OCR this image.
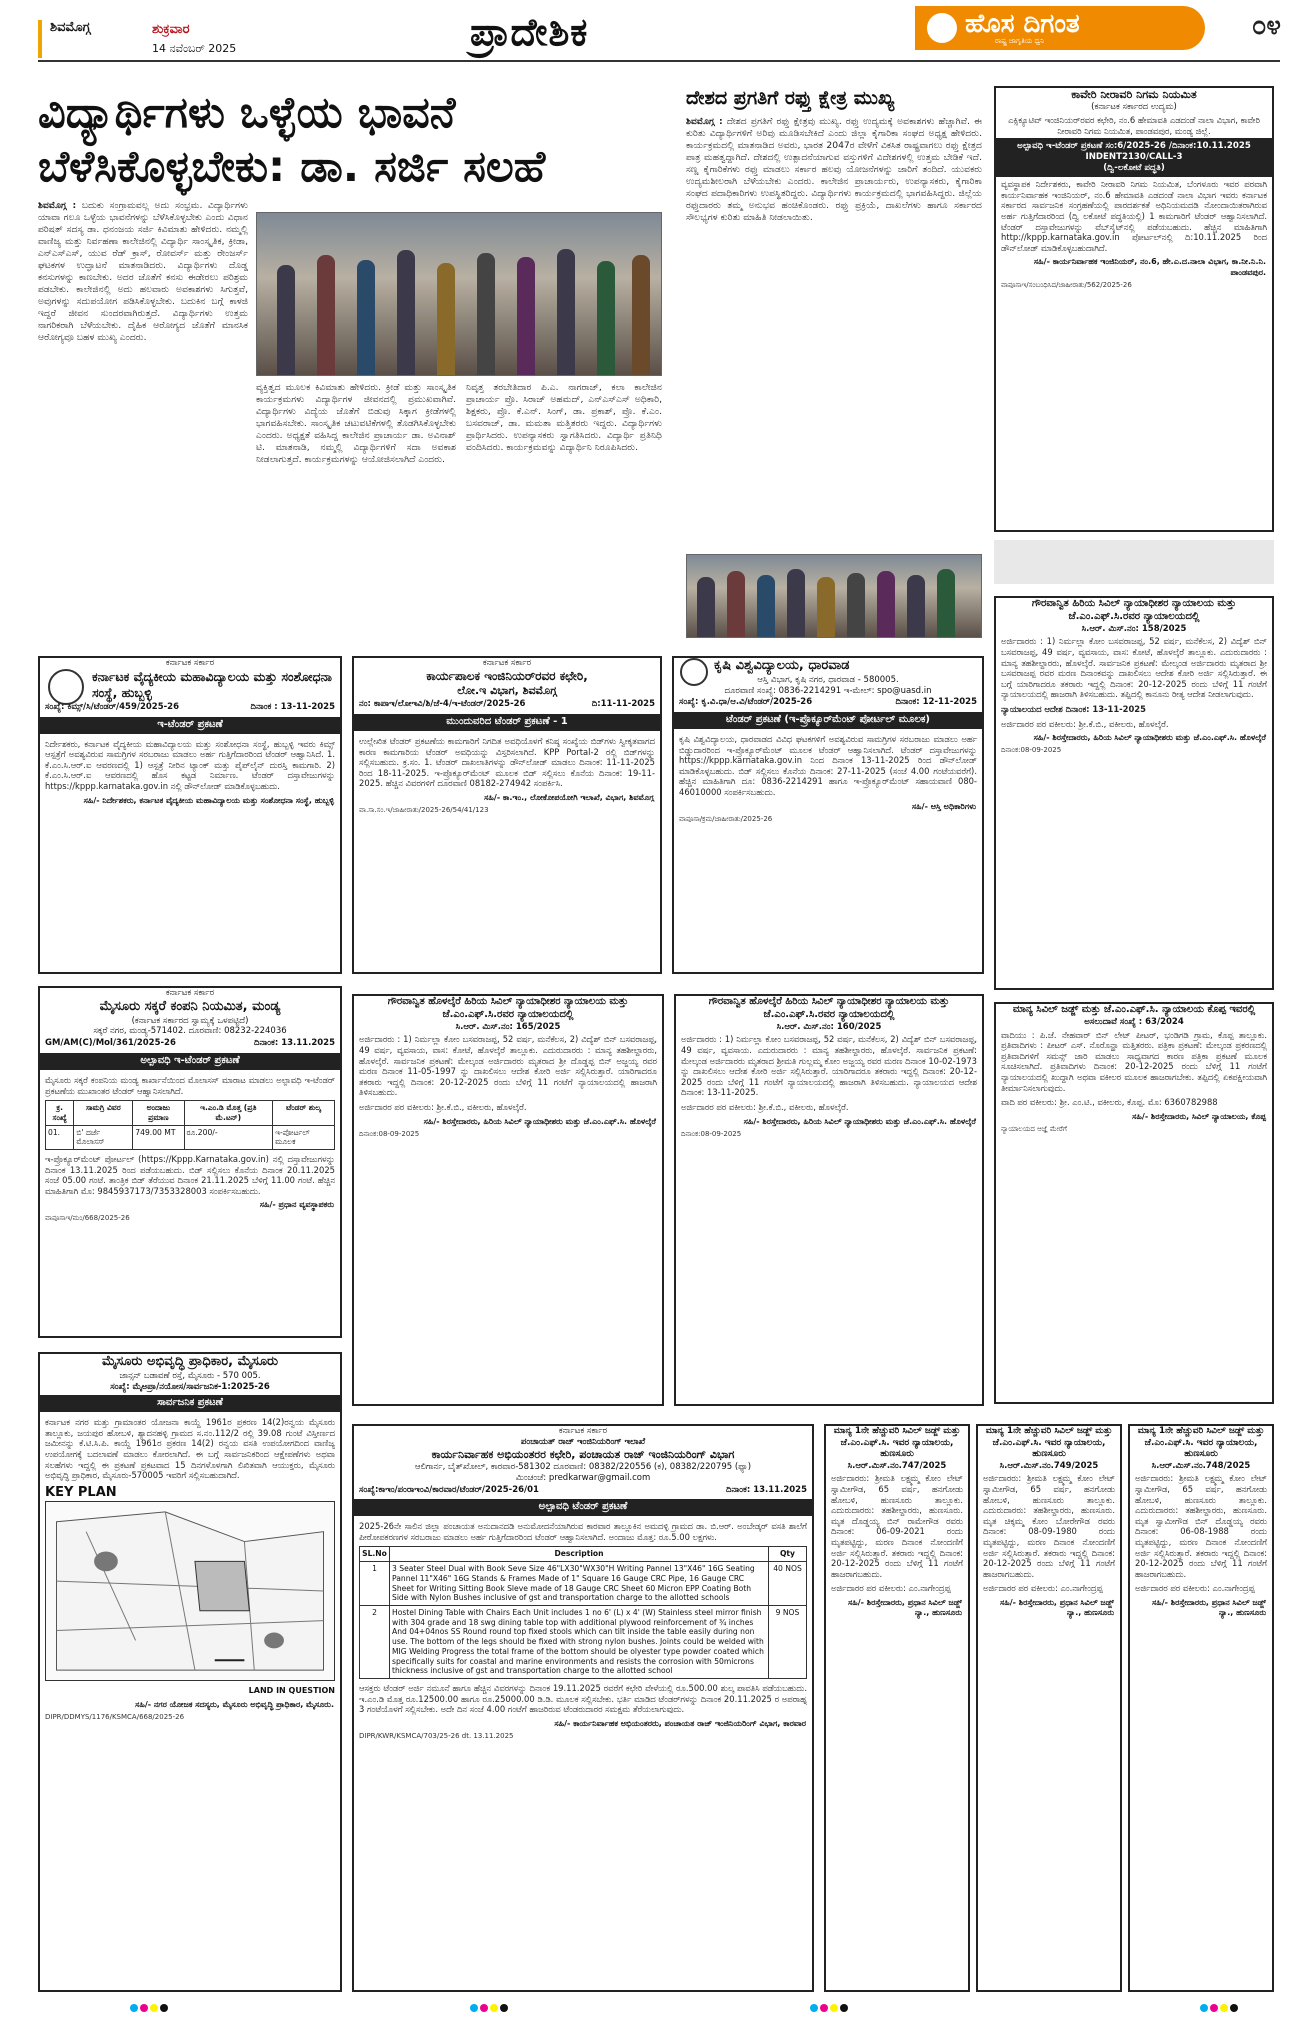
ಶಿವಮೊಗ್ಗ	ಶುಕ್ರವಾರ
14 ನವೆಂಬರ್ 2025	ಪ್ರಾದೇಶಿಕ	ಹೊಸ ದಿಗಂತ
ರಾಷ್ಟ್ರ ಜಾಗೃತಿಯ ಧ್ವನಿ	೦೪
ವಿದ್ಯಾರ್ಥಿಗಳು ಒಳ್ಳೆಯ ಭಾವನೆ
ಬೆಳೆಸಿಕೊಳ್ಳಬೇಕು: ಡಾ. ಸರ್ಜಿ ಸಲಹೆ
ಶಿವಮೊಗ್ಗ : ಬದುಕು ಸಂಗ್ರಾಮವಲ್ಲ ಅದು ಸಂಭ್ರಮ. ವಿದ್ಯಾರ್ಥಿಗಳು ಯಾವಾ ಗಲೂ ಒಳ್ಳೆಯ ಭಾವನೆಗಳನ್ನು ಬೆಳೆಸಿಕೊಳ್ಳಬೇಕು ಎಂದು ವಿಧಾನ ಪರಿಷತ್ ಸದಸ್ಯ ಡಾ. ಧನಂಜಯ ಸರ್ಜಿ ಕಿವಿಮಾತು ಹೇಳಿದರು. ನಮ್ಮಲ್ಲಿ ವಾಣಿಜ್ಯ ಮತ್ತು ನಿರ್ವಹಣಾ ಕಾಲೇಜಿನಲ್ಲಿ ವಿದ್ಯಾರ್ಥಿ ಸಾಂಸ್ಕೃತಿಕ, ಕ್ರೀಡಾ, ಎನ್ಎಸ್ಎಸ್, ಯುವ ರೆಡ್ ಕ್ರಾಸ್, ರೋವರ್ಸ್ ಮತ್ತು ರೇಂಜರ್ಸ್ ಘಟಕಗಳ ಉದ್ಘಾಟನೆ ಮಾತನಾಡಿದರು. ವಿದ್ಯಾರ್ಥಿಗಳು ದೊಡ್ಡ ಕನಸುಗಳನ್ನು ಕಾಣಬೇಕು. ಅದರ ಜೊತೆಗೆ ಕನಸು ಈಡೇರಲು ಪರಿಶ್ರಮ ಪಡಬೇಕು. ಕಾಲೇಜಿನಲ್ಲಿ ಅದು ಹಲವಾರು ಅವಕಾಶಗಳು ಸಿಗುತ್ತವೆ, ಅವುಗಳನ್ನು ಸದುಪಯೋಗ ಪಡಿಸಿಕೊಳ್ಳಬೇಕು. ಬದುಕಿನ ಬಗ್ಗೆ ಕಾಳಜಿ ಇದ್ದರೆ ಜೀವನ ಸುಂದರವಾಗಿರುತ್ತದೆ. ವಿದ್ಯಾರ್ಥಿಗಳು ಉತ್ತಮ ನಾಗರಿಕರಾಗಿ ಬೆಳೆಯಬೇಕು. ದೈಹಿಕ ಆರೋಗ್ಯದ ಜೊತೆಗೆ ಮಾನಸಿಕ ಆರೋಗ್ಯವೂ ಬಹಳ ಮುಖ್ಯ ಎಂದರು.
ವ್ಯಕ್ತಿತ್ವದ ಮೂಲಕ ಕಿವಿಮಾತು ಹೇಳಿದರು. ಕ್ರೀಡೆ ಮತ್ತು ಸಾಂಸ್ಕೃತಿಕ ಕಾರ್ಯಕ್ರಮಗಳು ವಿದ್ಯಾರ್ಥಿಗಳ ಜೀವನದಲ್ಲಿ ಪ್ರಮುಖವಾಗಿವೆ. ವಿದ್ಯಾರ್ಥಿಗಳು ವಿದ್ಯೆಯ ಜೊತೆಗೆ ಬಿಡುವು ಸಿಕ್ಕಾಗ ಕ್ರೀಡೆಗಳಲ್ಲಿ ಭಾಗವಹಿಸಬೇಕು. ಸಾಂಸ್ಕೃತಿಕ ಚಟುವಟಿಕೆಗಳಲ್ಲಿ ತೊಡಗಿಸಿಕೊಳ್ಳಬೇಕು ಎಂದರು. ಅಧ್ಯಕ್ಷತೆ ವಹಿಸಿದ್ದ ಕಾಲೇಜಿನ ಪ್ರಾಚಾರ್ಯ ಡಾ. ಅವಿನಾಶ್ ಟಿ. ಮಾತನಾಡಿ, ನಮ್ಮಲ್ಲಿ ವಿದ್ಯಾರ್ಥಿಗಳಿಗೆ ಸದಾ ಅವಕಾಶ ನೀಡಲಾಗುತ್ತದೆ. ಕಾರ್ಯಕ್ರಮಗಳನ್ನು ಆಯೋಜಿಸಲಾಗಿದೆ ಎಂದರು.
ನಿವೃತ್ತ ತರಬೇತಿದಾರ ಪಿ.ಎ. ನಾಗರಾಜ್, ಕಲಾ ಕಾಲೇಜಿನ ಪ್ರಾಚಾರ್ಯ ಪ್ರೊ. ಸಿರಾಜ್ ಅಹಮದ್, ಎನ್ಎಸ್ಎಸ್ ಅಧಿಕಾರಿ, ಶಿಕ್ಷಕರು, ಪ್ರೊ. ಕೆ.ಎನ್. ಸಿಂಗ್, ಡಾ. ಪ್ರಕಾಶ್, ಪ್ರೊ. ಕೆ.ಎಂ. ಬಸವರಾಜ್, ಡಾ. ಮಮತಾ ಮತ್ತಿತರರು ಇದ್ದರು. ವಿದ್ಯಾರ್ಥಿಗಳು ಪ್ರಾರ್ಥಿಸಿದರು. ಉಪನ್ಯಾಸಕರು ಸ್ವಾಗತಿಸಿದರು. ವಿದ್ಯಾರ್ಥಿ ಪ್ರತಿನಿಧಿ ವಂದಿಸಿದರು. ಕಾರ್ಯಕ್ರಮವನ್ನು ವಿದ್ಯಾರ್ಥಿನಿ ನಿರೂಪಿಸಿದರು.
ದೇಶದ ಪ್ರಗತಿಗೆ ರಫ್ತು ಕ್ಷೇತ್ರ ಮುಖ್ಯ
ಶಿವಮೊಗ್ಗ : ದೇಶದ ಪ್ರಗತಿಗೆ ರಫ್ತು ಕ್ಷೇತ್ರವು ಮುಖ್ಯ. ರಫ್ತು ಉದ್ಯಮಕ್ಕೆ ಅವಕಾಶಗಳು ಹೆಚ್ಚಾಗಿವೆ. ಈ ಕುರಿತು ವಿದ್ಯಾರ್ಥಿಗಳಿಗೆ ಅರಿವು ಮೂಡಿಸಬೇಕಿದೆ ಎಂದು ಜಿಲ್ಲಾ ಕೈಗಾರಿಕಾ ಸಂಘದ ಅಧ್ಯಕ್ಷ ಹೇಳಿದರು. ಕಾರ್ಯಕ್ರಮದಲ್ಲಿ ಮಾತನಾಡಿದ ಅವರು, ಭಾರತ 2047ರ ವೇಳೆಗೆ ವಿಕಸಿತ ರಾಷ್ಟ್ರವಾಗಲು ರಫ್ತು ಕ್ಷೇತ್ರದ ಪಾತ್ರ ಮಹತ್ವದ್ದಾಗಿದೆ. ದೇಶದಲ್ಲಿ ಉತ್ಪಾದನೆಯಾಗುವ ವಸ್ತುಗಳಿಗೆ ವಿದೇಶಗಳಲ್ಲಿ ಉತ್ತಮ ಬೇಡಿಕೆ ಇದೆ. ಸಣ್ಣ ಕೈಗಾರಿಕೆಗಳು ರಫ್ತು ಮಾಡಲು ಸರ್ಕಾರ ಹಲವು ಯೋಜನೆಗಳನ್ನು ಜಾರಿಗೆ ತಂದಿದೆ. ಯುವಕರು ಉದ್ಯಮಶೀಲರಾಗಿ ಬೆಳೆಯಬೇಕು ಎಂದರು. ಕಾಲೇಜಿನ ಪ್ರಾಚಾರ್ಯರು, ಉಪನ್ಯಾಸಕರು, ಕೈಗಾರಿಕಾ ಸಂಘದ ಪದಾಧಿಕಾರಿಗಳು ಉಪಸ್ಥಿತರಿದ್ದರು. ವಿದ್ಯಾರ್ಥಿಗಳು ಕಾರ್ಯಕ್ರಮದಲ್ಲಿ ಭಾಗವಹಿಸಿದ್ದರು. ಜಿಲ್ಲೆಯ ರಫ್ತುದಾರರು ತಮ್ಮ ಅನುಭವ ಹಂಚಿಕೊಂಡರು. ರಫ್ತು ಪ್ರಕ್ರಿಯೆ, ದಾಖಲೆಗಳು ಹಾಗೂ ಸರ್ಕಾರದ ಸೌಲಭ್ಯಗಳ ಕುರಿತು ಮಾಹಿತಿ ನೀಡಲಾಯಿತು.
ಕಾವೇರಿ ನೀರಾವರಿ ನಿಗಮ ನಿಯಮಿತ
(ಕರ್ನಾಟಕ ಸರ್ಕಾರದ ಉದ್ಯಮ)
ಎಕ್ಸಿಕ್ಯೂಟಿವ್ ಇಂಜಿನಿಯರ್‌ರವರ ಕಛೇರಿ, ನಂ.6 ಹೇಮಾವತಿ ಎಡದಂಡೆ ನಾಲಾ ವಿಭಾಗ, ಕಾವೇರಿ ನೀರಾವರಿ ನಿಗಮ ನಿಯಮಿತ, ಪಾಂಡವಪುರ, ಮಂಡ್ಯ ಜಿಲ್ಲೆ.
ಅಲ್ಪಾವಧಿ ಇ-ಟೆಂಡರ್ ಪ್ರಕಟಣೆ ಸಂ:6/2025-26 /ದಿನಾಂಕ:10.11.2025
INDENT2130/CALL-3
(ದ್ವಿ-ಲಕೋಟೆ ಪದ್ಧತಿ)
ವ್ಯವಸ್ಥಾಪಕ ನಿರ್ದೇಶಕರು, ಕಾವೇರಿ ನೀರಾವರಿ ನಿಗಮ ನಿಯಮಿತ, ಬೆಂಗಳೂರು ಇವರ ಪರವಾಗಿ ಕಾರ್ಯನಿರ್ವಾಹಕ ಇಂಜಿನಿಯರ್, ನಂ.6 ಹೇಮಾವತಿ ಎಡದಂಡೆ ನಾಲಾ ವಿಭಾಗ ಇವರು ಕರ್ನಾಟಕ ಸರ್ಕಾರದ ಸಾರ್ವಜನಿಕ ಸಂಗ್ರಹಣೆಯಲ್ಲಿ ಪಾರದರ್ಶಕತೆ ಅಧಿನಿಯಮದಡಿ ನೋಂದಾಯಿತರಾಗಿರುವ ಅರ್ಹ ಗುತ್ತಿಗೆದಾರರಿಂದ (ದ್ವಿ ಲಕೋಟೆ ಪದ್ಧತಿಯಲ್ಲಿ) 1 ಕಾಮಗಾರಿಗೆ ಟೆಂಡರ್ ಆಹ್ವಾನಿಸಲಾಗಿದೆ. ಟೆಂಡರ್ ದಸ್ತಾವೇಜುಗಳನ್ನು ವೆಬ್‌ಸೈಟ್‌ನಲ್ಲಿ ಪಡೆಯಬಹುದು. ಹೆಚ್ಚಿನ ಮಾಹಿತಿಗಾಗಿ http://kppp.karnataka.gov.in ಪೋರ್ಟಲ್‌ನಲ್ಲಿ ದಿ:10.11.2025 ರಿಂದ ಡೌನ್‌ಲೋಡ್ ಮಾಡಿಕೊಳ್ಳಬಹುದಾಗಿದೆ.
ಸಹಿ/- ಕಾರ್ಯನಿರ್ವಾಹಕ ಇಂಜಿನಿಯರ್, ನಂ.6, ಹೇ.ಎ.ದ.ನಾಲಾ ವಿಭಾಗ, ಕಾ.ನೀ.ನಿ.ನಿ. ಪಾಂಡವಪುರ.
ವಾಪೂಸಾಇ/ಸಂಬಂಧಿಸಿದ/ಜಾಹೀರಾತು/562/2025-26
ಕರ್ನಾಟಕ ಸರ್ಕಾರ
ಕರ್ನಾಟಕ ವೈದ್ಯಕೀಯ ಮಹಾವಿದ್ಯಾಲಯ ಮತ್ತು ಸಂಶೋಧನಾ ಸಂಸ್ಥೆ, ಹುಬ್ಬಳ್ಳಿ
ಸಂಖ್ಯೆ: ಕಿಮ್ಸ್/ಸಿ/ಟೆಂಡರ್/459/2025-26	ದಿನಾಂಕ : 13-11-2025
ಇ-ಟೆಂಡರ್ ಪ್ರಕಟಣೆ
ನಿರ್ದೇಶಕರು, ಕರ್ನಾಟಕ ವೈದ್ಯಕೀಯ ಮಹಾವಿದ್ಯಾಲಯ ಮತ್ತು ಸಂಶೋಧನಾ ಸಂಸ್ಥೆ, ಹುಬ್ಬಳ್ಳಿ ಇವರು ಕಿಮ್ಸ್ ಆಸ್ಪತ್ರೆಗೆ ಅವಶ್ಯವಿರುವ ಸಾಮಗ್ರಿಗಳ ಸರಬರಾಜು ಮಾಡಲು ಅರ್ಹ ಗುತ್ತಿಗೆದಾರರಿಂದ ಟೆಂಡರ್ ಆಹ್ವಾನಿಸಿದೆ. 1. ಕೆ.ಎಂ.ಸಿ.ಆರ್.ಐ ಆವರಣದಲ್ಲಿ 1) ಆಸ್ಪತ್ರೆ ನೀರಿನ ಟ್ಯಾಂಕ್ ಮತ್ತು ಪೈಪ್‌ಲೈನ್ ದುರಸ್ತಿ ಕಾಮಗಾರಿ. 2) ಕೆ.ಎಂ.ಸಿ.ಆರ್.ಐ ಆವರಣದಲ್ಲಿ ಹೊಸ ಕಟ್ಟಡ ನಿರ್ಮಾಣ. ಟೆಂಡರ್ ದಸ್ತಾವೇಜುಗಳನ್ನು https://kppp.karnataka.gov.in ನಲ್ಲಿ ಡೌನ್‌ಲೋಡ್ ಮಾಡಿಕೊಳ್ಳಬಹುದು.
ಸಹಿ/- ನಿರ್ದೇಶಕರು, ಕರ್ನಾಟಕ ವೈದ್ಯಕೀಯ ಮಹಾವಿದ್ಯಾಲಯ ಮತ್ತು ಸಂಶೋಧನಾ ಸಂಸ್ಥೆ, ಹುಬ್ಬಳ್ಳಿ
ಕರ್ನಾಟಕ ಸರ್ಕಾರ
ಕಾರ್ಯಪಾಲಕ ಇಂಜಿನಿಯರ್‌ರವರ ಕಛೇರಿ,
ಲೋ.ಇ ವಿಭಾಗ, ಶಿವಮೊಗ್ಗ
ನಂ: ಕಾಪಾಇ/ಲೋಇವಿ/ಶಿ/ಜೆ-4/ಇ-ಟೆಂಡರ್/2025-26	ದಿ:11-11-2025
ಮುಂದುವರಿದ ಟೆಂಡರ್ ಪ್ರಕಟಣೆ - 1
ಉಲ್ಲೇಖಿತ ಟೆಂಡರ್ ಪ್ರಕಟಣೆಯ ಕಾಮಗಾರಿಗೆ ನಿಗದಿತ ಅವಧಿಯೊಳಗೆ ಕನಿಷ್ಠ ಸಂಖ್ಯೆಯ ಬಿಡ್‌ಗಳು ಸ್ವೀಕೃತವಾಗದ ಕಾರಣ ಕಾಮಗಾರಿಯ ಟೆಂಡರ್ ಅವಧಿಯನ್ನು ವಿಸ್ತರಿಸಲಾಗಿದೆ. KPP Portal-2 ರಲ್ಲಿ ಬಿಡ್‌ಗಳನ್ನು ಸಲ್ಲಿಸಬಹುದು. ಕ್ರ.ಸಂ. 1. ಟೆಂಡರ್ ದಾಖಲಾತಿಗಳನ್ನು ಡೌನ್‌ಲೋಡ್ ಮಾಡಲು ದಿನಾಂಕ: 11-11-2025 ರಿಂದ 18-11-2025. ಇ-ಪ್ರೊಕ್ಯೂರ್‌ಮೆಂಟ್ ಮೂಲಕ ಬಿಡ್ ಸಲ್ಲಿಸಲು ಕೊನೆಯ ದಿನಾಂಕ: 19-11-2025. ಹೆಚ್ಚಿನ ವಿವರಗಳಿಗೆ ದೂರವಾಣಿ 08182-274942 ಸಂಪರ್ಕಿಸಿ.
ಸಹಿ/- ಕಾ.ಇಂ., ಲೋಕೋಪಯೋಗಿ ಇಲಾಖೆ, ವಿಭಾಗ, ಶಿವಮೊಗ್ಗ
ವಾ.ಸಾ.ಸಂ.ಇ/ಜಾಹೀರಾತು/2025-26/54/41/123
ಕೃಷಿ ವಿಶ್ವವಿದ್ಯಾಲಯ, ಧಾರವಾಡ
ಆಸ್ತಿ ವಿಭಾಗ, ಕೃಷಿ ನಗರ, ಧಾರವಾಡ - 580005.
ದೂರವಾಣಿ ಸಂಖ್ಯೆ: 0836-2214291 ಇ-ಮೇಲ್: spo@uasd.in
ಸಂಖ್ಯೆ: ಕೃ.ವಿ.ಧಾ/ಆ.ವಿ/ಟೆಂಡರ್/2025-26	ದಿನಾಂಕ: 12-11-2025
ಟೆಂಡರ್ ಪ್ರಕಟಣೆ (ಇ-ಪ್ರೊಕ್ಯೂರ್‌ಮೆಂಟ್ ಪೋರ್ಟಲ್ ಮೂಲಕ)
ಕೃಷಿ ವಿಶ್ವವಿದ್ಯಾಲಯ, ಧಾರವಾಡದ ವಿವಿಧ ಘಟಕಗಳಿಗೆ ಅವಶ್ಯವಿರುವ ಸಾಮಗ್ರಿಗಳ ಸರಬರಾಜು ಮಾಡಲು ಅರ್ಹ ಬಿಡ್ಡುದಾರರಿಂದ ಇ-ಪ್ರೊಕ್ಯೂರ್‌ಮೆಂಟ್ ಮೂಲಕ ಟೆಂಡರ್ ಆಹ್ವಾನಿಸಲಾಗಿದೆ. ಟೆಂಡರ್ ದಸ್ತಾವೇಜುಗಳನ್ನು https://kppp.karnataka.gov.in ನಿಂದ ದಿನಾಂಕ 13-11-2025 ರಿಂದ ಡೌನ್‌ಲೋಡ್ ಮಾಡಿಕೊಳ್ಳಬಹುದು. ಬಿಡ್ ಸಲ್ಲಿಸಲು ಕೊನೆಯ ದಿನಾಂಕ: 27-11-2025 (ಸಂಜೆ 4.00 ಗಂಟೆಯವರೆಗೆ). ಹೆಚ್ಚಿನ ಮಾಹಿತಿಗಾಗಿ ದೂ: 0836-2214291 ಹಾಗೂ ಇ-ಪ್ರೊಕ್ಯೂರ್‌ಮೆಂಟ್ ಸಹಾಯವಾಣಿ 080-46010000 ಸಂಪರ್ಕಿಸಬಹುದು.
ಸಹಿ/- ಆಸ್ತಿ ಅಧಿಕಾರಿಗಳು
ವಾಪೂಸಾ/ಕ್ರಮ/ಜಾಹೀರಾತು/2025-26
ಗೌರವಾನ್ವಿತ ಹಿರಿಯ ಸಿವಿಲ್ ನ್ಯಾಯಾಧೀಶರ ನ್ಯಾಯಾಲಯ ಮತ್ತು ಜೆ.ಎಂ.ಎಫ್.ಸಿ.ರವರ ನ್ಯಾಯಾಲಯದಲ್ಲಿ
ಸಿ.ಆರ್. ಮಿಸ್.ನಂ: 158/2025
ಅರ್ಜಿದಾರರು : 1) ನಿರ್ಮಲ್ಲಾ ಕೋಂ ಬಸವರಾಜಪ್ಪ, 52 ವರ್ಷ, ಮನೆಕೆಲಸ, 2) ವಿದ್ಯೆಶ್ ಬಿನ್ ಬಸವರಾಜಪ್ಪ, 49 ವರ್ಷ, ವ್ಯವಸಾಯ, ವಾಸ: ಕೋಟೆ, ಹೊಳಲ್ಕೆರೆ ತಾಲ್ಲೂಕು. ಎದುರುದಾರರು : ಮಾನ್ಯ ತಹಶೀಲ್ದಾರರು, ಹೊಳಲ್ಕೆರೆ. ಸಾರ್ವಜನಿಕ ಪ್ರಕಟಣೆ: ಮೇಲ್ಕಂಡ ಅರ್ಜಿದಾರರು ಮೃತರಾದ ಶ್ರೀ ಬಸವರಾಜಪ್ಪ ರವರ ಮರಣ ದಿನಾಂಕವನ್ನು ದಾಖಲಿಸಲು ಆದೇಶ ಕೋರಿ ಅರ್ಜಿ ಸಲ್ಲಿಸಿರುತ್ತಾರೆ. ಈ ಬಗ್ಗೆ ಯಾರಿಗಾದರೂ ತಕರಾರು ಇದ್ದಲ್ಲಿ ದಿನಾಂಕ: 20-12-2025 ರಂದು ಬೆಳಿಗ್ಗೆ 11 ಗಂಟೆಗೆ ನ್ಯಾಯಾಲಯದಲ್ಲಿ ಹಾಜರಾಗಿ ತಿಳಿಸಬಹುದು. ತಪ್ಪಿದಲ್ಲಿ ಕಾನೂನು ರೀತ್ಯ ಆದೇಶ ನೀಡಲಾಗುವುದು.
ನ್ಯಾಯಾಲಯದ ಆದೇಶ ದಿನಾಂಕ: 13-11-2025
ಅರ್ಜಿದಾರರ ಪರ ವಕೀಲರು: ಶ್ರೀ.ಕೆ.ಬಿ., ವಕೀಲರು, ಹೊಳಲ್ಕೆರೆ.
ಸಹಿ/- ಶಿರಸ್ತೇದಾರರು, ಹಿರಿಯ ಸಿವಿಲ್ ನ್ಯಾಯಾಧೀಶರು ಮತ್ತು ಜೆ.ಎಂ.ಎಫ್.ಸಿ. ಹೊಳಲ್ಕೆರೆ
ದಿನಾಂಕ:08-09-2025
ಕರ್ನಾಟಕ ಸರ್ಕಾರ
ಮೈಸೂರು ಸಕ್ಕರೆ ಕಂಪನಿ ನಿಯಮಿತ, ಮಂಡ್ಯ
(ಕರ್ನಾಟಕ ಸರ್ಕಾರದ ಸ್ವಾಮ್ಯಕ್ಕೆ ಒಳಪಟ್ಟಿದೆ)
ಸಕ್ಕರೆ ನಗರ, ಮಂಡ್ಯ-571402. ದೂರವಾಣಿ: 08232-224036
GM/AM(C)/Mol/361/2025-26	ದಿನಾಂಕ: 13.11.2025
ಅಲ್ಪಾವಧಿ ಇ-ಟೆಂಡರ್ ಪ್ರಕಟಣೆ
ಮೈಸೂರು ಸಕ್ಕರೆ ಕಂಪನಿಯ ಮಂಡ್ಯ ಕಾರ್ಖಾನೆಯಿಂದ ಮೊಲಾಸಸ್ ಮಾರಾಟ ಮಾಡಲು ಅಲ್ಪಾವಧಿ ಇ-ಟೆಂಡರ್ ಪ್ರಕಟಣೆಯ ಮುಖಾಂತರ ಟೆಂಡರ್ ಆಹ್ವಾನಿಸಲಾಗಿದೆ.
ಕ್ರ. ಸಂಖ್ಯೆ	ಸಾಮಗ್ರಿ ವಿವರ	ಅಂದಾಜು ಪ್ರಮಾಣ	ಇ.ಎಂ.ಡಿ ಮೊತ್ತ (ಪ್ರತಿ ಮೆ.ಟನ್)	ಟೆಂಡರ್ ಶುಲ್ಕ
01.	ಬಿ' ದರ್ಜೆ ಮೊಲಾಸಸ್	749.00 MT	ರೂ.200/-	ಇ-ಪೋರ್ಟಲ್ ಮೂಲಕ
ಇ-ಪ್ರೊಕ್ಯೂರ್‌ಮೆಂಟ್ ಪೋರ್ಟಲ್ (https://Kppp.Karnataka.gov.in) ನಲ್ಲಿ ದಸ್ತಾವೇಜುಗಳನ್ನು ದಿನಾಂಕ 13.11.2025 ರಿಂದ ಪಡೆಯಬಹುದು. ಬಿಡ್ ಸಲ್ಲಿಸಲು ಕೊನೆಯ ದಿನಾಂಕ 20.11.2025 ಸಂಜೆ 05.00 ಗಂಟೆ. ತಾಂತ್ರಿಕ ಬಿಡ್ ತೆರೆಯುವ ದಿನಾಂಕ 21.11.2025 ಬೆಳಿಗ್ಗೆ 11.00 ಗಂಟೆ. ಹೆಚ್ಚಿನ ಮಾಹಿತಿಗಾಗಿ ಮೊ: 9845937173/7353328003 ಸಂಪರ್ಕಿಸಬಹುದು.
ಸಹಿ/- ಪ್ರಧಾನ ವ್ಯವಸ್ಥಾಪಕರು
ವಾಪೂಸಾಇ/ಮಂ/668/2025-26
ಗೌರವಾನ್ವಿತ ಹೊಳಲ್ಕೆರೆ ಹಿರಿಯ ಸಿವಿಲ್ ನ್ಯಾಯಾಧೀಶರ ನ್ಯಾಯಾಲಯ ಮತ್ತು ಜೆ.ಎಂ.ಎಫ್.ಸಿ.ರವರ ನ್ಯಾಯಾಲಯದಲ್ಲಿ
ಸಿ.ಆರ್. ಮಿಸ್.ನಂ: 165/2025
ಅರ್ಜಿದಾರರು : 1) ನಿರ್ಮಲ್ಲಾ ಕೋಂ ಬಸವರಾಜಪ್ಪ, 52 ವರ್ಷ, ಮನೆಕೆಲಸ, 2) ವಿದ್ಯೆಶ್ ಬಿನ್ ಬಸವರಾಜಪ್ಪ, 49 ವರ್ಷ, ವ್ಯವಸಾಯ, ವಾಸ: ಕೋಟೆ, ಹೊಳಲ್ಕೆರೆ ತಾಲ್ಲೂಕು. ಎದುರುದಾರರು : ಮಾನ್ಯ ತಹಶೀಲ್ದಾರರು, ಹೊಳಲ್ಕೆರೆ. ಸಾರ್ವಜನಿಕ ಪ್ರಕಟಣೆ: ಮೇಲ್ಕಂಡ ಅರ್ಜಿದಾರರು ಮೃತರಾದ ಶ್ರೀ ದೊಡ್ಡಪ್ಪ ಬಿನ್ ಅಜ್ಜಯ್ಯ ರವರ ಮರಣ ದಿನಾಂಕ 11-05-1997 ನ್ನು ದಾಖಲಿಸಲು ಆದೇಶ ಕೋರಿ ಅರ್ಜಿ ಸಲ್ಲಿಸಿರುತ್ತಾರೆ. ಯಾರಿಗಾದರೂ ತಕರಾರು ಇದ್ದಲ್ಲಿ ದಿನಾಂಕ: 20-12-2025 ರಂದು ಬೆಳಿಗ್ಗೆ 11 ಗಂಟೆಗೆ ನ್ಯಾಯಾಲಯದಲ್ಲಿ ಹಾಜರಾಗಿ ತಿಳಿಸಬಹುದು.
ಅರ್ಜಿದಾರರ ಪರ ವಕೀಲರು: ಶ್ರೀ.ಕೆ.ಬಿ., ವಕೀಲರು, ಹೊಳಲ್ಕೆರೆ.
ಸಹಿ/- ಶಿರಸ್ತೇದಾರರು, ಹಿರಿಯ ಸಿವಿಲ್ ನ್ಯಾಯಾಧೀಶರು ಮತ್ತು ಜೆ.ಎಂ.ಎಫ್.ಸಿ. ಹೊಳಲ್ಕೆರೆ
ದಿನಾಂಕ:08-09-2025
ಗೌರವಾನ್ವಿತ ಹೊಳಲ್ಕೆರೆ ಹಿರಿಯ ಸಿವಿಲ್ ನ್ಯಾಯಾಧೀಶರ ನ್ಯಾಯಾಲಯ ಮತ್ತು ಜೆ.ಎಂ.ಎಫ್.ಸಿ.ರವರ ನ್ಯಾಯಾಲಯದಲ್ಲಿ
ಸಿ.ಆರ್. ಮಿಸ್.ನಂ: 160/2025
ಅರ್ಜಿದಾರರು : 1) ನಿರ್ಮಲ್ಲಾ ಕೋಂ ಬಸವರಾಜಪ್ಪ, 52 ವರ್ಷ, ಮನೆಕೆಲಸ, 2) ವಿದ್ಯೆಶ್ ಬಿನ್ ಬಸವರಾಜಪ್ಪ, 49 ವರ್ಷ, ವ್ಯವಸಾಯ. ಎದುರುದಾರರು : ಮಾನ್ಯ ತಹಶೀಲ್ದಾರರು, ಹೊಳಲ್ಕೆರೆ. ಸಾರ್ವಜನಿಕ ಪ್ರಕಟಣೆ: ಮೇಲ್ಕಂಡ ಅರ್ಜಿದಾರರು ಮೃತರಾದ ಶ್ರೀಮತಿ ಗುಲ್ಲಮ್ಮ ಕೋಂ ಅಜ್ಜಯ್ಯ ರವರ ಮರಣ ದಿನಾಂಕ 10-02-1973 ನ್ನು ದಾಖಲಿಸಲು ಆದೇಶ ಕೋರಿ ಅರ್ಜಿ ಸಲ್ಲಿಸಿರುತ್ತಾರೆ. ಯಾರಿಗಾದರೂ ತಕರಾರು ಇದ್ದಲ್ಲಿ ದಿನಾಂಕ: 20-12-2025 ರಂದು ಬೆಳಿಗ್ಗೆ 11 ಗಂಟೆಗೆ ನ್ಯಾಯಾಲಯದಲ್ಲಿ ಹಾಜರಾಗಿ ತಿಳಿಸಬಹುದು. ನ್ಯಾಯಾಲಯದ ಆದೇಶ ದಿನಾಂಕ: 13-11-2025.
ಅರ್ಜಿದಾರರ ಪರ ವಕೀಲರು: ಶ್ರೀ.ಕೆ.ಬಿ., ವಕೀಲರು, ಹೊಳಲ್ಕೆರೆ.
ಸಹಿ/- ಶಿರಸ್ತೇದಾರರು, ಹಿರಿಯ ಸಿವಿಲ್ ನ್ಯಾಯಾಧೀಶರು ಮತ್ತು ಜೆ.ಎಂ.ಎಫ್.ಸಿ. ಹೊಳಲ್ಕೆರೆ
ದಿನಾಂಕ:08-09-2025
ಮಾನ್ಯ ಸಿವಿಲ್ ಜಡ್ಜ್ ಮತ್ತು ಜೆ.ಎಂ.ಎಫ್.ಸಿ. ನ್ಯಾಯಾಲಯ ಕೊಪ್ಪ ಇವರಲ್ಲಿ
ಅಸಲುದಾವೆ ಸಂಖ್ಯೆ : 63/2024
ವಾದಿಯು : ಪಿ.ಜೆ. ನೇಹವಾರ್ ಬಿನ್ ಲೇಟ್ ಪೀಟರ್, ಭಂಡಿಗಡಿ ಗ್ರಾಮ, ಕೊಪ್ಪ ತಾಲ್ಲೂಕು. ಪ್ರತಿವಾದಿಗಳು : ಪೀಟರ್ ಎಸ್. ನೊರೊನ್ಹಾ ಮತ್ತಿತರರು. ಪತ್ರಿಕಾ ಪ್ರಕಟಣೆ: ಮೇಲ್ಕಂಡ ಪ್ರಕರಣದಲ್ಲಿ ಪ್ರತಿವಾದಿಗಳಿಗೆ ಸಮನ್ಸ್ ಜಾರಿ ಮಾಡಲು ಸಾಧ್ಯವಾಗದ ಕಾರಣ ಪತ್ರಿಕಾ ಪ್ರಕಟಣೆ ಮೂಲಕ ಸೂಚಿಸಲಾಗಿದೆ. ಪ್ರತಿವಾದಿಗಳು ದಿನಾಂಕ: 20-12-2025 ರಂದು ಬೆಳಿಗ್ಗೆ 11 ಗಂಟೆಗೆ ನ್ಯಾಯಾಲಯದಲ್ಲಿ ಖುದ್ದಾಗಿ ಅಥವಾ ವಕೀಲರ ಮೂಲಕ ಹಾಜರಾಗಬೇಕು. ತಪ್ಪಿದಲ್ಲಿ ಏಕಪಕ್ಷೀಯವಾಗಿ ತೀರ್ಮಾನಿಸಲಾಗುವುದು.
ವಾದಿ ಪರ ವಕೀಲರು: ಶ್ರೀ. ಎಂ.ಟಿ., ವಕೀಲರು, ಕೊಪ್ಪ. ಮೊ: 6360782988
ಸಹಿ/- ಶಿರಸ್ತೇದಾರರು, ಸಿವಿಲ್ ನ್ಯಾಯಾಲಯ, ಕೊಪ್ಪ
ನ್ಯಾಯಾಲಯದ ಆಜ್ಞೆ ಮೇರೆಗೆ
ಮೈಸೂರು ಅಭಿವೃದ್ಧಿ ಪ್ರಾಧಿಕಾರ, ಮೈಸೂರು
ಜಾನ್ಸನ್ ಬಡಾವಣೆ ರಸ್ತೆ, ಮೈಸೂರು - 570 005.
ಸಂಖ್ಯೆ: ಮೈಅಪ್ರಾ/ನಯೋಸ/ಸಾರ್ವಜನಿಕ-1:2025-26
ಸಾರ್ವಜನಿಕ ಪ್ರಕಟಣೆ
ಕರ್ನಾಟಕ ನಗರ ಮತ್ತು ಗ್ರಾಮಾಂತರ ಯೋಜನಾ ಕಾಯ್ದೆ 1961ರ ಪ್ರಕರಣ 14(2)ರನ್ವಯ ಮೈಸೂರು ತಾಲ್ಲೂಕು, ಜಯಪುರ ಹೋಬಳಿ, ಶ್ಯಾದನಹಳ್ಳಿ ಗ್ರಾಮದ ಸ.ನಂ.112/2 ರಲ್ಲಿ 39.08 ಗುಂಟೆ ವಿಸ್ತೀರ್ಣದ ಜಮೀನನ್ನು ಕೆ.ಟಿ.ಸಿ.ಪಿ. ಕಾಯ್ದೆ 1961ರ ಪ್ರಕರಣ 14(2) ರನ್ವಯ ವಸತಿ ಉಪಯೋಗದಿಂದ ವಾಣಿಜ್ಯ ಉಪಯೋಗಕ್ಕೆ ಬದಲಾವಣೆ ಮಾಡಲು ಕೋರಲಾಗಿದೆ. ಈ ಬಗ್ಗೆ ಸಾರ್ವಜನಿಕರಿಂದ ಆಕ್ಷೇಪಣೆಗಳು ಅಥವಾ ಸಲಹೆಗಳು ಇದ್ದಲ್ಲಿ ಈ ಪ್ರಕಟಣೆ ಪ್ರಕಟವಾದ 15 ದಿನಗಳೊಳಗಾಗಿ ಲಿಖಿತವಾಗಿ ಆಯುಕ್ತರು, ಮೈಸೂರು ಅಭಿವೃದ್ಧಿ ಪ್ರಾಧಿಕಾರ, ಮೈಸೂರು-570005 ಇವರಿಗೆ ಸಲ್ಲಿಸಬಹುದಾಗಿದೆ.
KEY PLAN
LAND IN QUESTION
ಸಹಿ/- ನಗರ ಯೋಜಕ ಸದಸ್ಯರು, ಮೈಸೂರು ಅಭಿವೃದ್ಧಿ ಪ್ರಾಧಿಕಾರ, ಮೈಸೂರು.
DIPR/DDMYS/1176/KSMCA/668/2025-26
ಕರ್ನಾಟಕ ಸರ್ಕಾರ
ಪಂಚಾಯತ್ ರಾಜ್ ಇಂಜಿನಿಯರಿಂಗ್ ಇಲಾಖೆ
ಕಾರ್ಯನಿರ್ವಾಹಕ ಅಭಿಯಂತರರ ಕಛೇರಿ, ಪಂಚಾಯತ ರಾಜ್ ಇಂಜಿನಿಯರಿಂಗ್ ವಿಭಾಗ
ಆಲಿಗಾರ್ನ, ಬೈತ್‌ಖೋಲ್, ಕಾರವಾರ-581302 ದೂರವಾಣಿ: 08382/220556 (ಕ), 08382/220795 (ಫ್ಯಾ)
ಮಿಂಚಂಚೆ: predkarwar@gmail.com
ಸಂಖ್ಯೆ:ಕಾಇಂ/ಪಂರಾಇಂವಿ/ಕಾರವಾರ/ಟೆಂಡರ್/2025-26/01	ದಿನಾಂಕ: 13.11.2025
ಅಲ್ಪಾವಧಿ ಟೆಂಡರ್ ಪ್ರಕಟಣೆ
2025-26ನೇ ಸಾಲಿನ ಜಿಲ್ಲಾ ಪಂಚಾಯತ ಅನುದಾನದಡಿ ಅನುಮೋದನೆಯಾಗಿರುವ ಕಾರವಾರ ತಾಲ್ಲೂಕಿನ ಅಮದಳ್ಳಿ ಗ್ರಾಮದ ಡಾ. ಬಿ.ಆರ್. ಅಂಬೇಡ್ಕರ್ ವಸತಿ ಶಾಲೆಗೆ ಪೀಠೋಪಕರಣಗಳ ಸರಬರಾಜು ಮಾಡಲು ಅರ್ಹ ಗುತ್ತಿಗೆದಾರರಿಂದ ಟೆಂಡರ್ ಆಹ್ವಾನಿಸಲಾಗಿದೆ. ಅಂದಾಜು ಮೊತ್ತ: ರೂ.5.00 ಲಕ್ಷಗಳು.
SL.No	Description	Qty
1	3 Seater Steel Dual with Book Seve Size 46"LX30"WX30"H Writing Pannel 13"X46" 16G Seating Pannel 11"X46" 16G Stands & Frames Made of 1" Square 16 Gauge CRC Pipe, 16 Gauge CRC Sheet for Writing Sitting Book Sleve made of 18 Gauge CRC Sheet 60 Micron EPP Coating Both Side with Nylon Bushes inclusive of gst and transportation charge to the allotted schools	40 NOS
2	Hostel Dining Table with Chairs Each Unit includes 1 no 6' (L) x 4' (W) Stainless steel mirror finish with 304 grade and 18 swg dining table top with additional plywood reinforcement of ¾ inches And 04+04nos SS Round round top fixed stools which can tilt inside the table easily during non use. The bottom of the legs should be fixed with strong nylon bushes. Joints could be welded with MIG Welding Progress the total frame of the bottom should be olyester type powder coated which specifically suits for coastal and marine environments and resists the corrosion with 50microns thickness inclusive of gst and transportation charge to the allotted school	9 NOS
ಆಸಕ್ತರು ಟೆಂಡರ್ ಅರ್ಜಿ ನಮೂನೆ ಹಾಗೂ ಹೆಚ್ಚಿನ ವಿವರಗಳನ್ನು ದಿನಾಂಕ 19.11.2025 ರವರೆಗೆ ಕಛೇರಿ ವೇಳೆಯಲ್ಲಿ ರೂ.500.00 ಶುಲ್ಕ ಪಾವತಿಸಿ ಪಡೆಯಬಹುದು. ಇ.ಎಂ.ಡಿ ಮೊತ್ತ ರೂ.12500.00 ಹಾಗೂ ರೂ.25000.00 ಡಿ.ಡಿ. ಮೂಲಕ ಸಲ್ಲಿಸಬೇಕು. ಭರ್ತಿ ಮಾಡಿದ ಟೆಂಡರ್‌ಗಳನ್ನು ದಿನಾಂಕ 20.11.2025 ರ ಅಪರಾಹ್ನ 3 ಗಂಟೆಯೊಳಗೆ ಸಲ್ಲಿಸಬೇಕು. ಅದೇ ದಿನ ಸಂಜೆ 4.00 ಗಂಟೆಗೆ ಹಾಜರಿರುವ ಟೆಂಡರುದಾರರ ಸಮಕ್ಷಮ ತೆರೆಯಲಾಗುವುದು.
ಸಹಿ/- ಕಾರ್ಯನಿರ್ವಾಹಕ ಅಭಿಯಂತರರು, ಪಂಚಾಯತ ರಾಜ್ ಇಂಜಿನಿಯರಿಂಗ್ ವಿಭಾಗ, ಕಾರವಾರ
DIPR/KWR/KSMCA/703/25-26 dt. 13.11.2025
ಮಾನ್ಯ 1ನೇ ಹೆಚ್ಚುವರಿ ಸಿವಿಲ್ ಜಡ್ಜ್ ಮತ್ತು ಜೆ.ಎಂ.ಎಫ್.ಸಿ. ಇವರ ನ್ಯಾಯಾಲಯ, ಹುಣಸೂರು
ಸಿ.ಆರ್.ಮಿಸ್.ನಂ.747/2025
ಅರ್ಜಿದಾರರು: ಶ್ರೀಮತಿ ಲಕ್ಷ್ಮಮ್ಮ ಕೋಂ ಲೇಟ್ ಸ್ವಾಮೀಗೌಡ, 65 ವರ್ಷ, ಹನಗೋಡು ಹೋಬಳಿ, ಹುಣಸೂರು ತಾಲ್ಲೂಕು. ಎದುರುದಾರರು: ತಹಶೀಲ್ದಾರರು, ಹುಣಸೂರು. ಮೃತ ದೊಡ್ಡಯ್ಯ ಬಿನ್ ರಾಮೇಗೌಡ ರವರು ದಿನಾಂಕ: 06-09-2021 ರಂದು ಮೃತಪಟ್ಟಿದ್ದು, ಮರಣ ದಿನಾಂಕ ನೋಂದಣಿಗೆ ಅರ್ಜಿ ಸಲ್ಲಿಸಿರುತ್ತಾರೆ. ತಕರಾರು ಇದ್ದಲ್ಲಿ ದಿನಾಂಕ: 20-12-2025 ರಂದು ಬೆಳಿಗ್ಗೆ 11 ಗಂಟೆಗೆ ಹಾಜರಾಗಬಹುದು.
ಅರ್ಜಿದಾರರ ಪರ ವಕೀಲರು: ಎಂ.ನಾಗೇಂದ್ರಪ್ಪ
ಸಹಿ/- ಶಿರಸ್ತೇದಾರರು, ಪ್ರಧಾನ ಸಿವಿಲ್ ಜಡ್ಜ್ ನ್ಯಾ., ಹುಣಸೂರು
ಮಾನ್ಯ 1ನೇ ಹೆಚ್ಚುವರಿ ಸಿವಿಲ್ ಜಡ್ಜ್ ಮತ್ತು ಜೆ.ಎಂ.ಎಫ್.ಸಿ. ಇವರ ನ್ಯಾಯಾಲಯ, ಹುಣಸೂರು
ಸಿ.ಆರ್.ಮಿಸ್.ನಂ.749/2025
ಅರ್ಜಿದಾರರು: ಶ್ರೀಮತಿ ಲಕ್ಷ್ಮಮ್ಮ ಕೋಂ ಲೇಟ್ ಸ್ವಾಮೀಗೌಡ, 65 ವರ್ಷ, ಹನಗೋಡು ಹೋಬಳಿ, ಹುಣಸೂರು ತಾಲ್ಲೂಕು. ಎದುರುದಾರರು: ತಹಶೀಲ್ದಾರರು, ಹುಣಸೂರು. ಮೃತ ಚಿಕ್ಕಮ್ಮ ಕೋಂ ಬೋರೇಗೌಡ ರವರು ದಿನಾಂಕ: 08-09-1980 ರಂದು ಮೃತಪಟ್ಟಿದ್ದು, ಮರಣ ದಿನಾಂಕ ನೋಂದಣಿಗೆ ಅರ್ಜಿ ಸಲ್ಲಿಸಿರುತ್ತಾರೆ. ತಕರಾರು ಇದ್ದಲ್ಲಿ ದಿನಾಂಕ: 20-12-2025 ರಂದು ಬೆಳಿಗ್ಗೆ 11 ಗಂಟೆಗೆ ಹಾಜರಾಗಬಹುದು.
ಅರ್ಜಿದಾರರ ಪರ ವಕೀಲರು: ಎಂ.ನಾಗೇಂದ್ರಪ್ಪ
ಸಹಿ/- ಶಿರಸ್ತೇದಾರರು, ಪ್ರಧಾನ ಸಿವಿಲ್ ಜಡ್ಜ್ ನ್ಯಾ., ಹುಣಸೂರು
ಮಾನ್ಯ 1ನೇ ಹೆಚ್ಚುವರಿ ಸಿವಿಲ್ ಜಡ್ಜ್ ಮತ್ತು ಜೆ.ಎಂ.ಎಫ್.ಸಿ. ಇವರ ನ್ಯಾಯಾಲಯ, ಹುಣಸೂರು
ಸಿ.ಆರ್.ಮಿಸ್.ನಂ.748/2025
ಅರ್ಜಿದಾರರು: ಶ್ರೀಮತಿ ಲಕ್ಷ್ಮಮ್ಮ ಕೋಂ ಲೇಟ್ ಸ್ವಾಮೀಗೌಡ, 65 ವರ್ಷ, ಹನಗೋಡು ಹೋಬಳಿ, ಹುಣಸೂರು ತಾಲ್ಲೂಕು. ಎದುರುದಾರರು: ತಹಶೀಲ್ದಾರರು, ಹುಣಸೂರು. ಮೃತ ಸ್ವಾಮೀಗೌಡ ಬಿನ್ ದೊಡ್ಡಯ್ಯ ರವರು ದಿನಾಂಕ: 06-08-1988 ರಂದು ಮೃತಪಟ್ಟಿದ್ದು, ಮರಣ ದಿನಾಂಕ ನೋಂದಣಿಗೆ ಅರ್ಜಿ ಸಲ್ಲಿಸಿರುತ್ತಾರೆ. ತಕರಾರು ಇದ್ದಲ್ಲಿ ದಿನಾಂಕ: 20-12-2025 ರಂದು ಬೆಳಿಗ್ಗೆ 11 ಗಂಟೆಗೆ ಹಾಜರಾಗಬಹುದು.
ಅರ್ಜಿದಾರರ ಪರ ವಕೀಲರು: ಎಂ.ನಾಗೇಂದ್ರಪ್ಪ
ಸಹಿ/- ಶಿರಸ್ತೇದಾರರು, ಪ್ರಧಾನ ಸಿವಿಲ್ ಜಡ್ಜ್ ನ್ಯಾ., ಹುಣಸೂರು
